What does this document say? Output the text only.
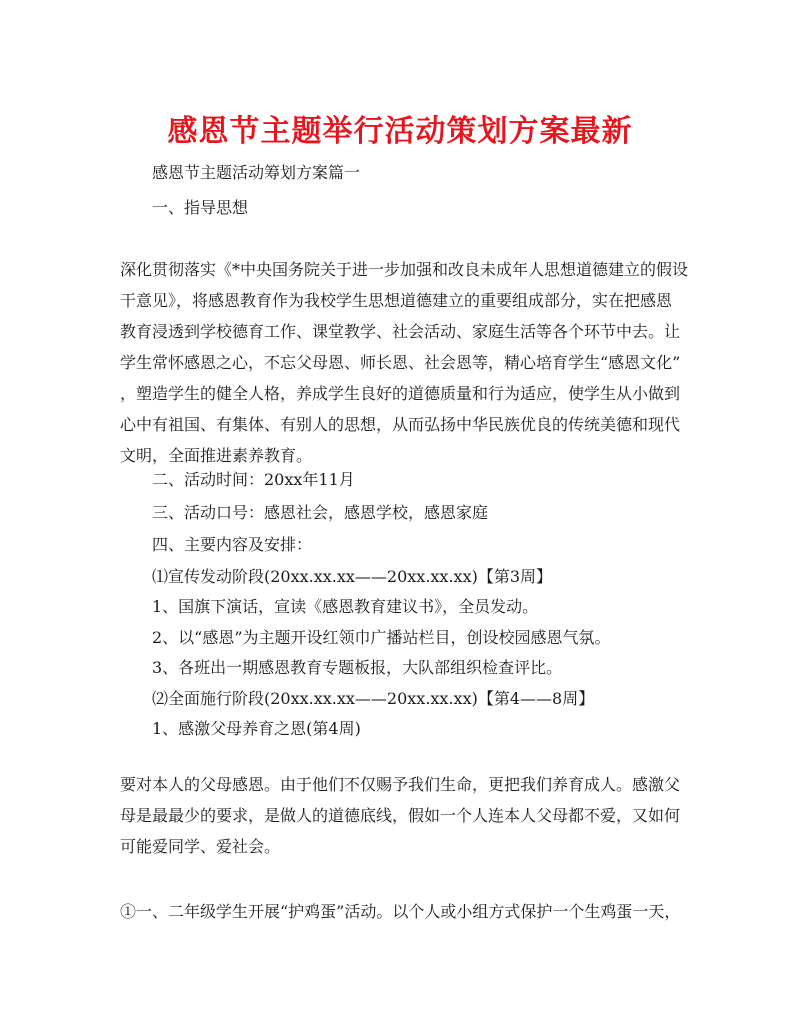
感恩节主题举行活动策划方案最新
感恩节主题活动筹划方案篇一
一、指导思想
深化贯彻落实《*中央国务院关于进一步加强和改良未成年人思想道德建立的假设
干意见》，将感恩教育作为我校学生思想道德建立的重要组成部分，实在把感恩
教育浸透到学校德育工作、课堂教学、社会活动、家庭生活等各个环节中去。让
学生常怀感恩之心，不忘父母恩、师长恩、社会恩等，精心培育学生“感恩文化”
，塑造学生的健全人格，养成学生良好的道德质量和行为适应，使学生从小做到
心中有祖国、有集体、有别人的思想，从而弘扬中华民族优良的传统美德和现代
文明，全面推进素养教育。
二、活动时间：20xx年11月
三、活动口号：感恩社会，感恩学校，感恩家庭
四、主要内容及安排：
⑴宣传发动阶段(20xx.xx.xx——20xx.xx.xx)【第3周】
1、国旗下演话，宣读《感恩教育建议书》，全员发动。
2、以“感恩”为主题开设红领巾广播站栏目，创设校园感恩气氛。
3、各班出一期感恩教育专题板报，大队部组织检查评比。
⑵全面施行阶段(20xx.xx.xx——20xx.xx.xx)【第4——8周】
1、感激父母养育之恩(第4周)
要对本人的父母感恩。由于他们不仅赐予我们生命，更把我们养育成人。感激父
母是最最少的要求，是做人的道德底线，假如一个人连本人父母都不爱，又如何
可能爱同学、爱社会。
①一、二年级学生开展“护鸡蛋”活动。以个人或小组方式保护一个生鸡蛋一天，
